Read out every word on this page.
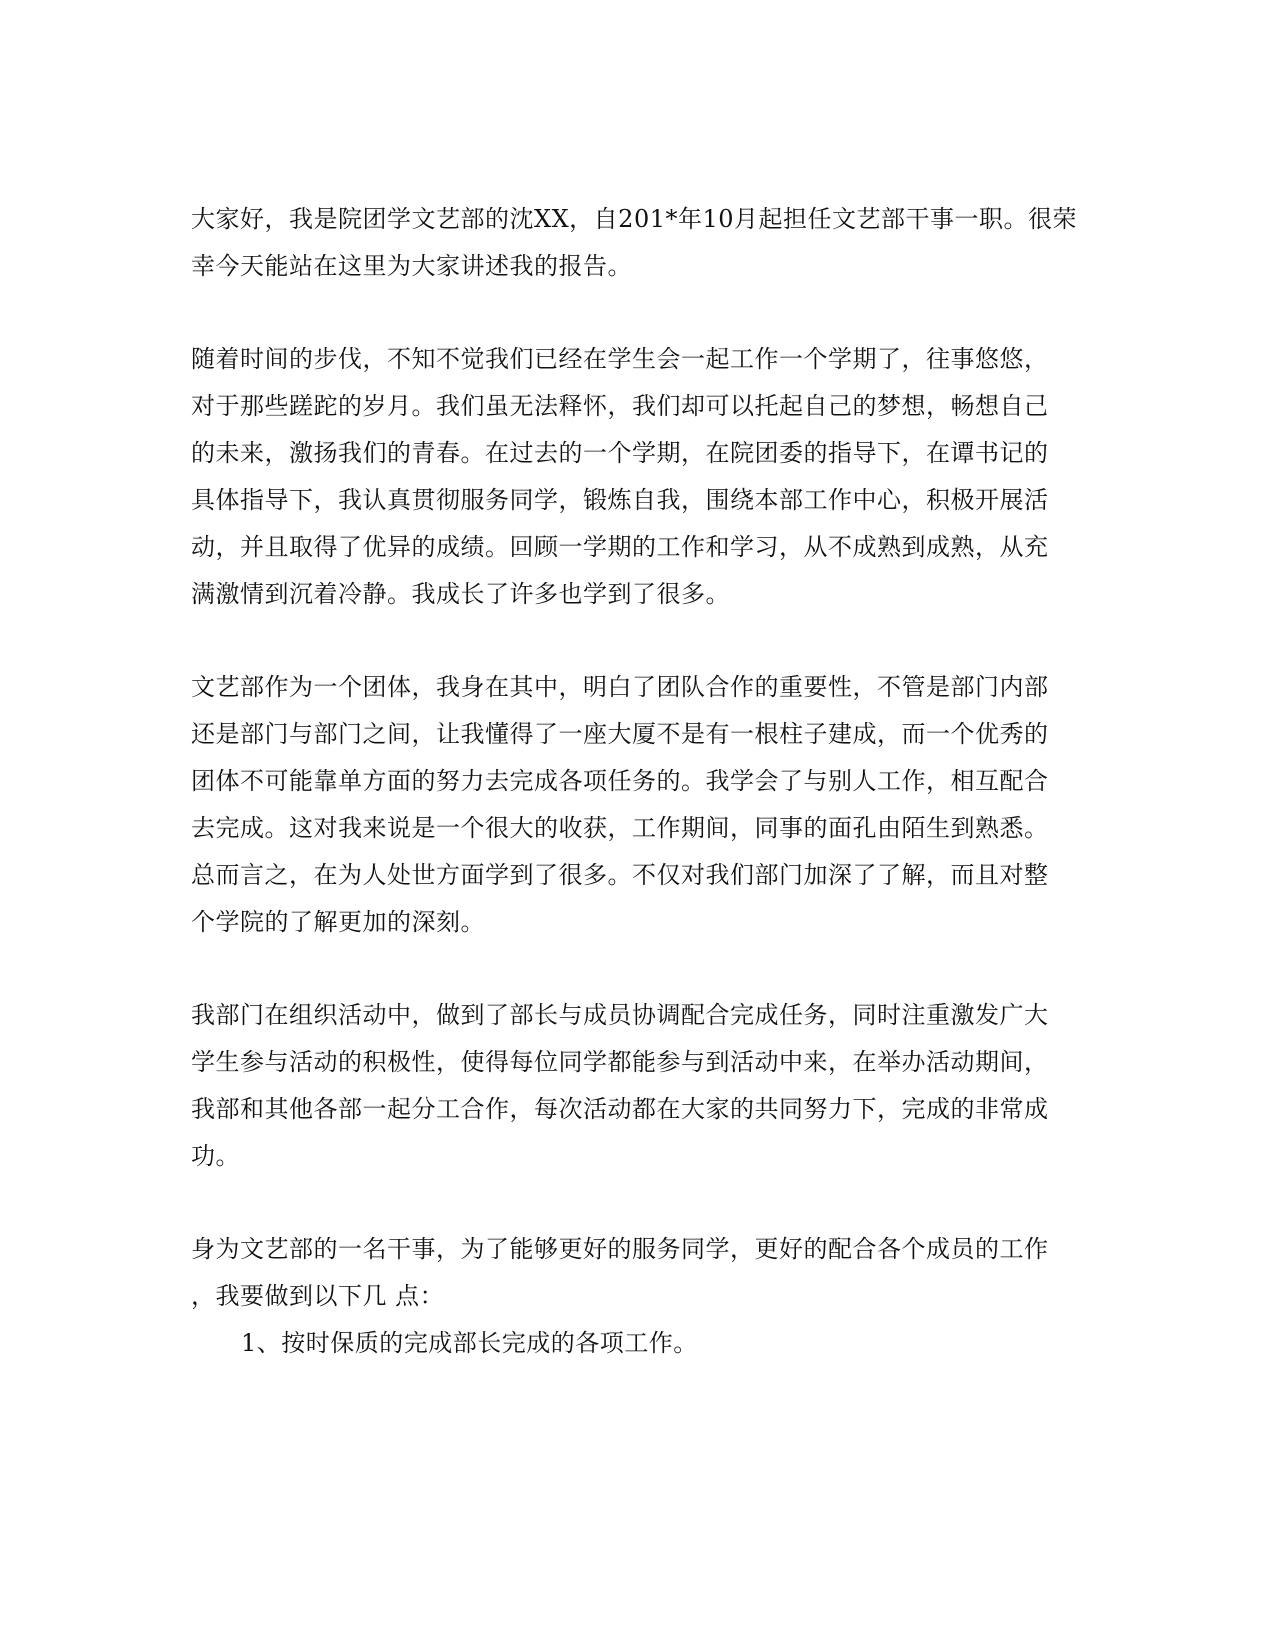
大家好，我是院团学文艺部的沈XX，自201*年10月起担任文艺部干事一职。很荣
幸今天能站在这里为大家讲述我的报告。
随着时间的步伐，不知不觉我们已经在学生会一起工作一个学期了，往事悠悠，
对于那些蹉跎的岁月。我们虽无法释怀，我们却可以托起自己的梦想，畅想自己
的未来，激扬我们的青春。在过去的一个学期，在院团委的指导下，在谭书记的
具体指导下，我认真贯彻服务同学，锻炼自我，围绕本部工作中心，积极开展活
动，并且取得了优异的成绩。回顾一学期的工作和学习，从不成熟到成熟，从充
满激情到沉着冷静。我成长了许多也学到了很多。
文艺部作为一个团体，我身在其中，明白了团队合作的重要性，不管是部门内部
还是部门与部门之间，让我懂得了一座大厦不是有一根柱子建成，而一个优秀的
团体不可能靠单方面的努力去完成各项任务的。我学会了与别人工作，相互配合
去完成。这对我来说是一个很大的收获，工作期间，同事的面孔由陌生到熟悉。
总而言之，在为人处世方面学到了很多。不仅对我们部门加深了了解，而且对整
个学院的了解更加的深刻。
我部门在组织活动中，做到了部长与成员协调配合完成任务，同时注重激发广大
学生参与活动的积极性，使得每位同学都能参与到活动中来，在举办活动期间，
我部和其他各部一起分工合作，每次活动都在大家的共同努力下，完成的非常成
功。
身为文艺部的一名干事，为了能够更好的服务同学，更好的配合各个成员的工作
，我要做到以下几 点：
1、按时保质的完成部长完成的各项工作。
